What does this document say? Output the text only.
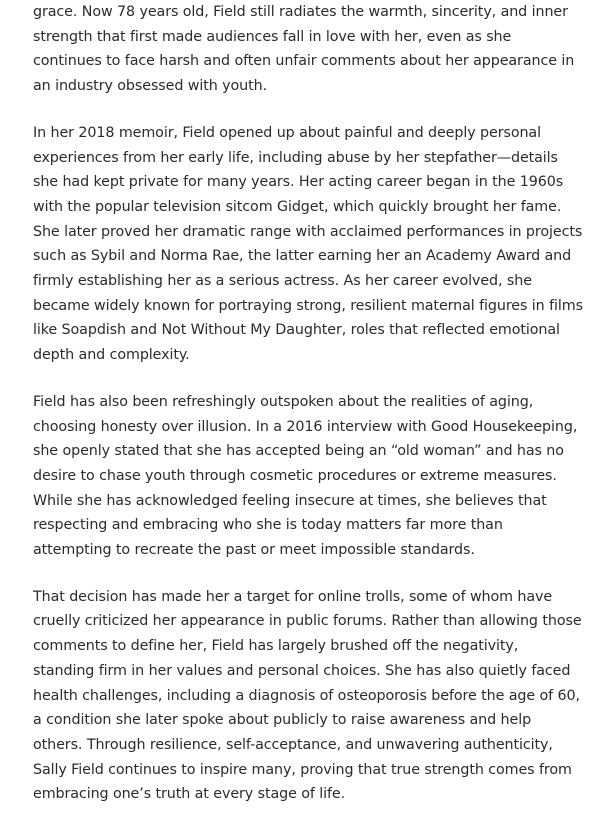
grace. Now 78 years old, Field still radiates the warmth, sincerity, and inner strength that first made audiences fall in love with her, even as she continues to face harsh and often unfair comments about her appearance in an industry obsessed with youth.

In her 2018 memoir, Field opened up about painful and deeply personal experiences from her early life, including abuse by her stepfather—details she had kept private for many years. Her acting career began in the 1960s with the popular television sitcom Gidget, which quickly brought her fame. She later proved her dramatic range with acclaimed performances in projects such as Sybil and Norma Rae, the latter earning her an Academy Award and firmly establishing her as a serious actress. As her career evolved, she became widely known for portraying strong, resilient maternal figures in films like Soapdish and Not Without My Daughter, roles that reflected emotional depth and complexity.

Field has also been refreshingly outspoken about the realities of aging, choosing honesty over illusion. In a 2016 interview with Good Housekeeping, she openly stated that she has accepted being an “old woman” and has no desire to chase youth through cosmetic procedures or extreme measures. While she has acknowledged feeling insecure at times, she believes that respecting and embracing who she is today matters far more than attempting to recreate the past or meet impossible standards.

That decision has made her a target for online trolls, some of whom have cruelly criticized her appearance in public forums. Rather than allowing those comments to define her, Field has largely brushed off the negativity, standing firm in her values and personal choices. She has also quietly faced health challenges, including a diagnosis of osteoporosis before the age of 60, a condition she later spoke about publicly to raise awareness and help others. Through resilience, self-acceptance, and unwavering authenticity, Sally Field continues to inspire many, proving that true strength comes from embracing one’s truth at every stage of life.
